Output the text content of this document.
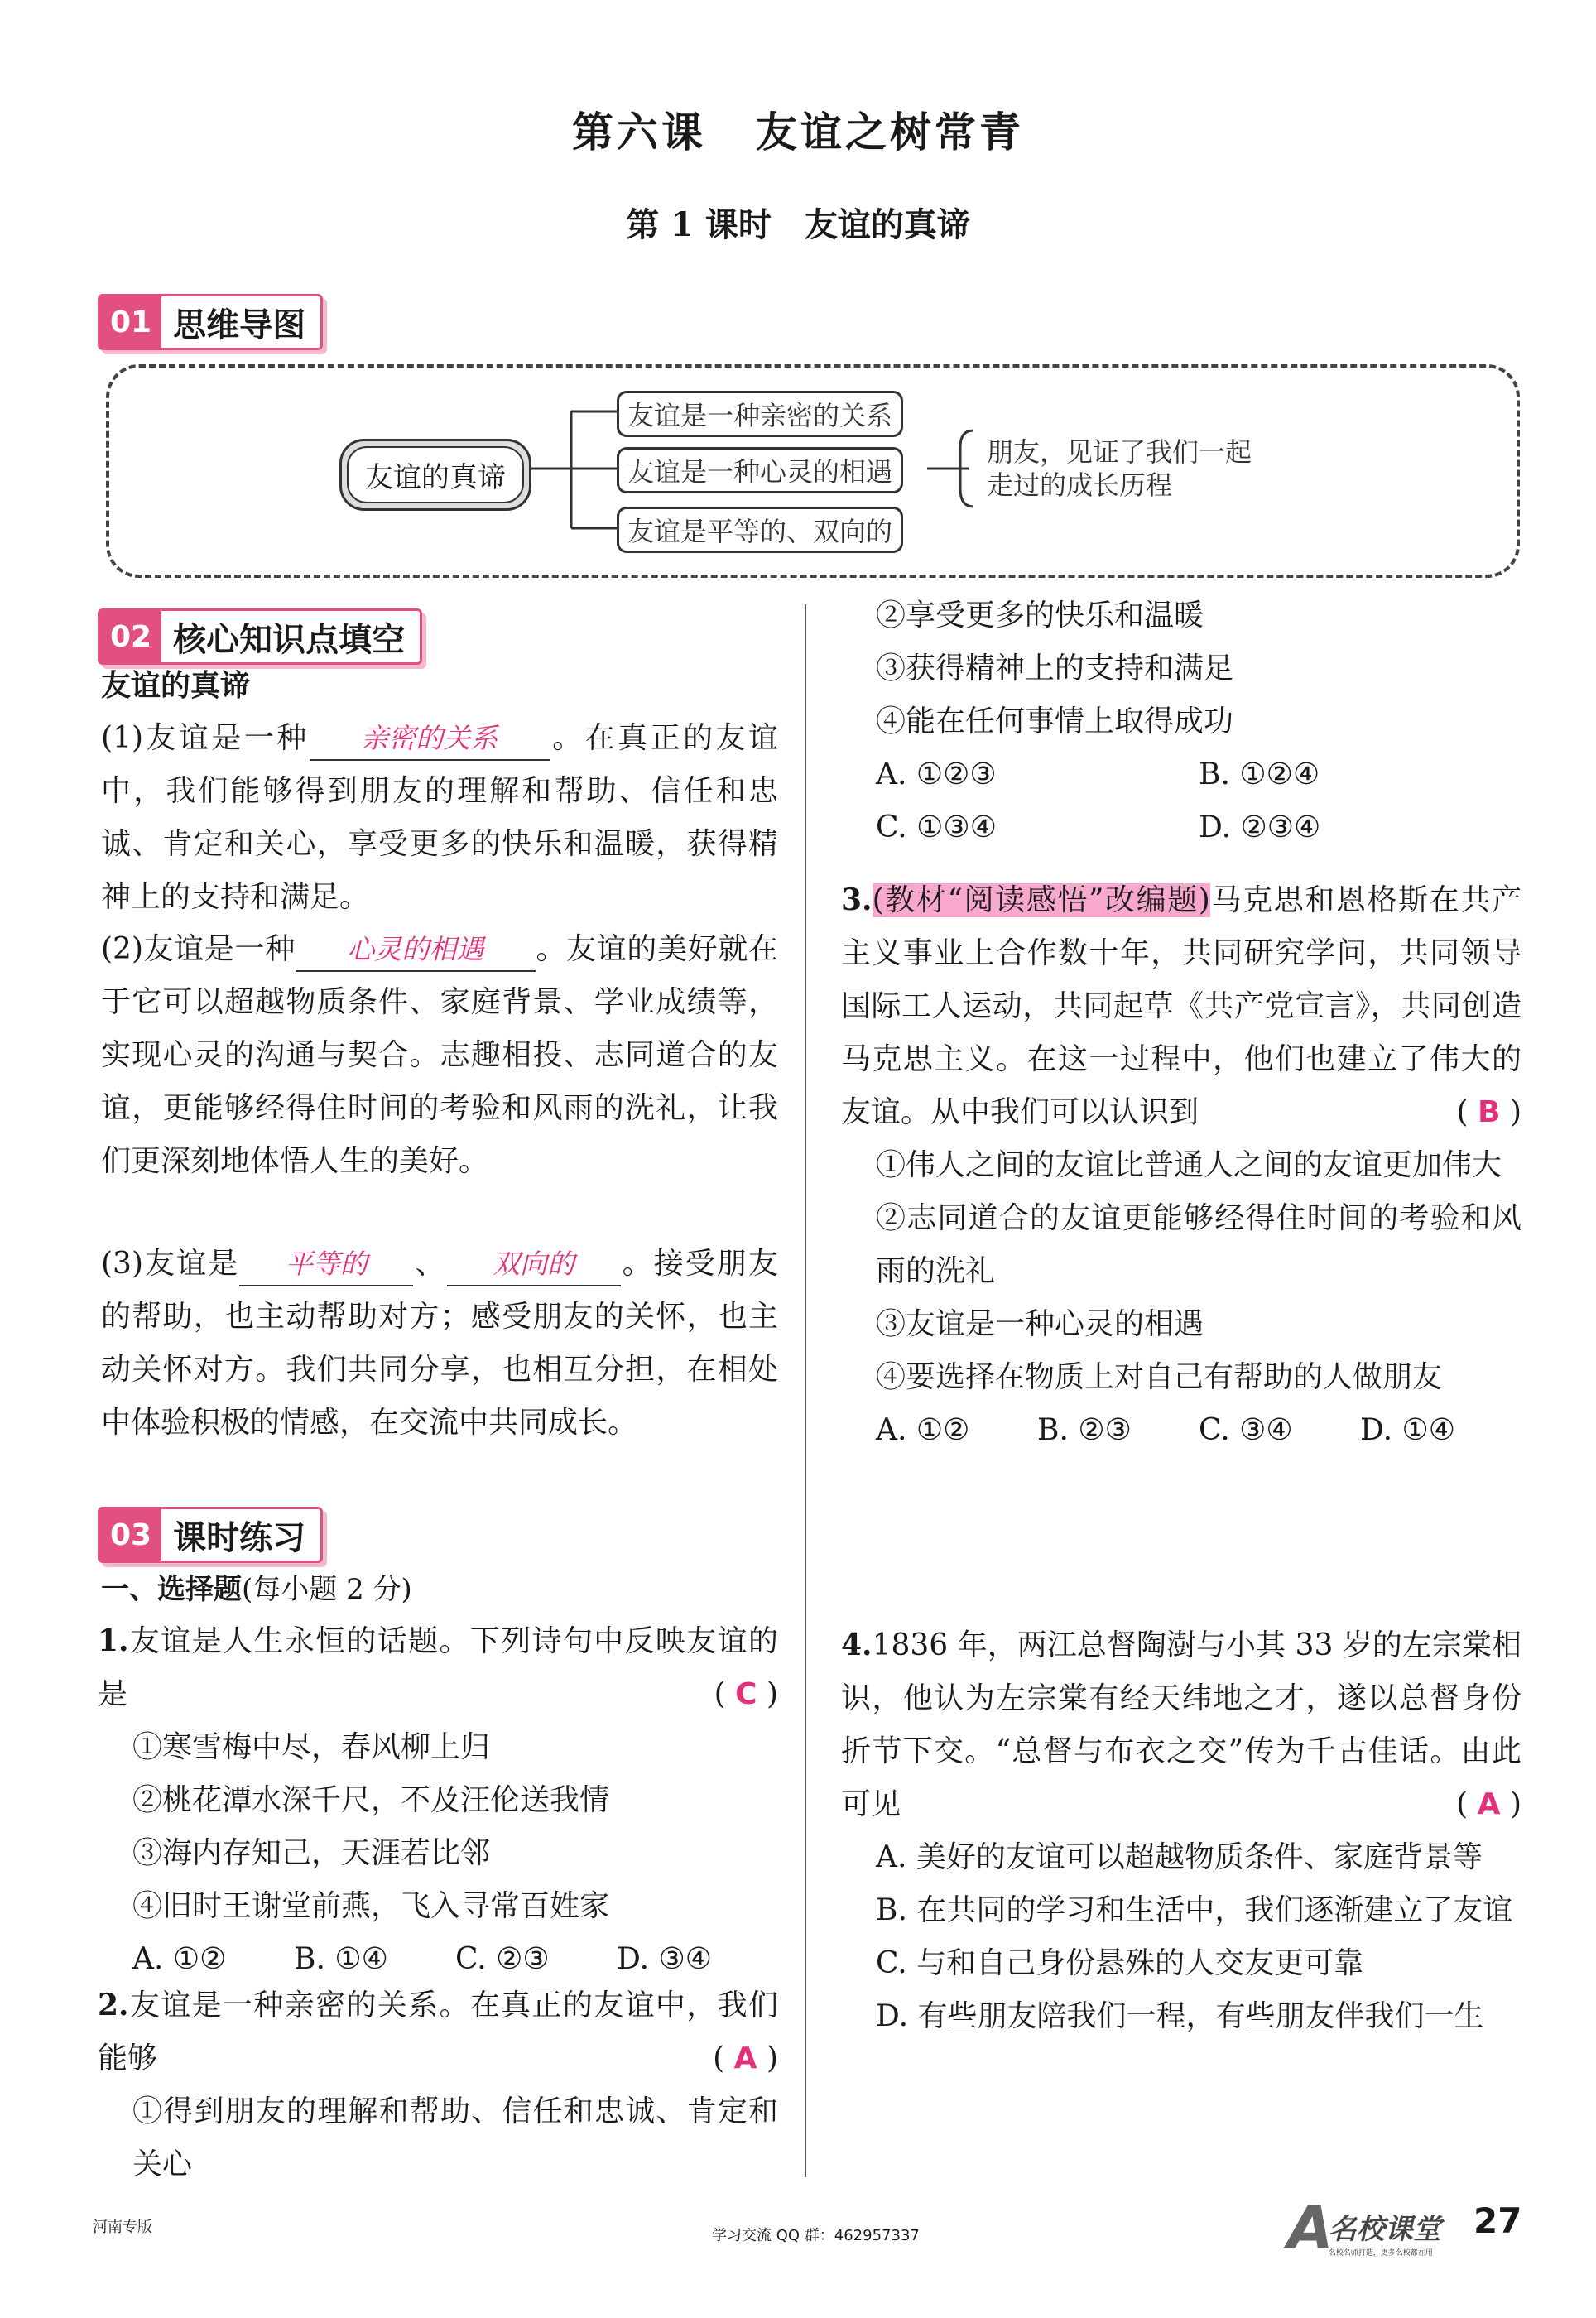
第六课 友谊之树常青
第 1 课时 友谊的真谛
01 思维导图
友谊的真谛
友谊是一种亲密的关系
友谊是一种心灵的相遇
友谊是平等的、双向的
朋友，见证了我们一起
走过的成长历程
02 核心知识点填空
友谊的真谛
(1)友谊是一种 亲密的关系 。在真正的友谊中，我们能够得到朋友的理解和帮助、信任和忠诚、肯定和关心，享受更多的快乐和温暖，获得精神上的支持和满足。
(2)友谊是一种 心灵的相遇 。友谊的美好就在于它可以超越物质条件、家庭背景、学业成绩等，实现心灵的沟通与契合。志趣相投、志同道合的友谊，更能够经得住时间的考验和风雨的洗礼，让我们更深刻地体悟人生的美好。
(3)友谊是 平等的 、 双向的 。接受朋友的帮助，也主动帮助对方；感受朋友的关怀，也主动关怀对方。我们共同分享，也相互分担，在相处中体验积极的情感，在交流中共同成长。
03 课时练习
一、选择题(每小题 2 分)
1.友谊是人生永恒的话题。下列诗句中反映友谊的是	( C )
①寒雪梅中尽，春风柳上归
②桃花潭水深千尺，不及汪伦送我情
③海内存知己，天涯若比邻
④旧时王谢堂前燕，飞入寻常百姓家
A. ①②	B. ①④	C. ②③	D. ③④
2.友谊是一种亲密的关系。在真正的友谊中，我们能够	( A )
①得到朋友的理解和帮助、信任和忠诚、肯定和关心
②享受更多的快乐和温暖
③获得精神上的支持和满足
④能在任何事情上取得成功
A. ①②③	B. ①②④
C. ①③④	D. ②③④
3.(教材“阅读感悟”改编题)马克思和恩格斯在共产主义事业上合作数十年，共同研究学问，共同领导国际工人运动，共同起草《共产党宣言》，共同创造马克思主义。在这一过程中，他们也建立了伟大的友谊。从中我们可以认识到	( B )
①伟人之间的友谊比普通人之间的友谊更加伟大
②志同道合的友谊更能够经得住时间的考验和风雨的洗礼
③友谊是一种心灵的相遇
④要选择在物质上对自己有帮助的人做朋友
A. ①②	B. ②③	C. ③④	D. ①④
4.1836 年，两江总督陶澍与小其 33 岁的左宗棠相识，他认为左宗棠有经天纬地之才，遂以总督身份折节下交。“总督与布衣之交”传为千古佳话。由此可见	( A )
A. 美好的友谊可以超越物质条件、家庭背景等
B. 在共同的学习和生活中，我们逐渐建立了友谊
C. 与和自己身份悬殊的人交友更可靠
D. 有些朋友陪我们一程，有些朋友伴我们一生
河南专版	学习交流 QQ 群：462957337	A
名校课堂
名校名师打造，更多名校都在用
27
